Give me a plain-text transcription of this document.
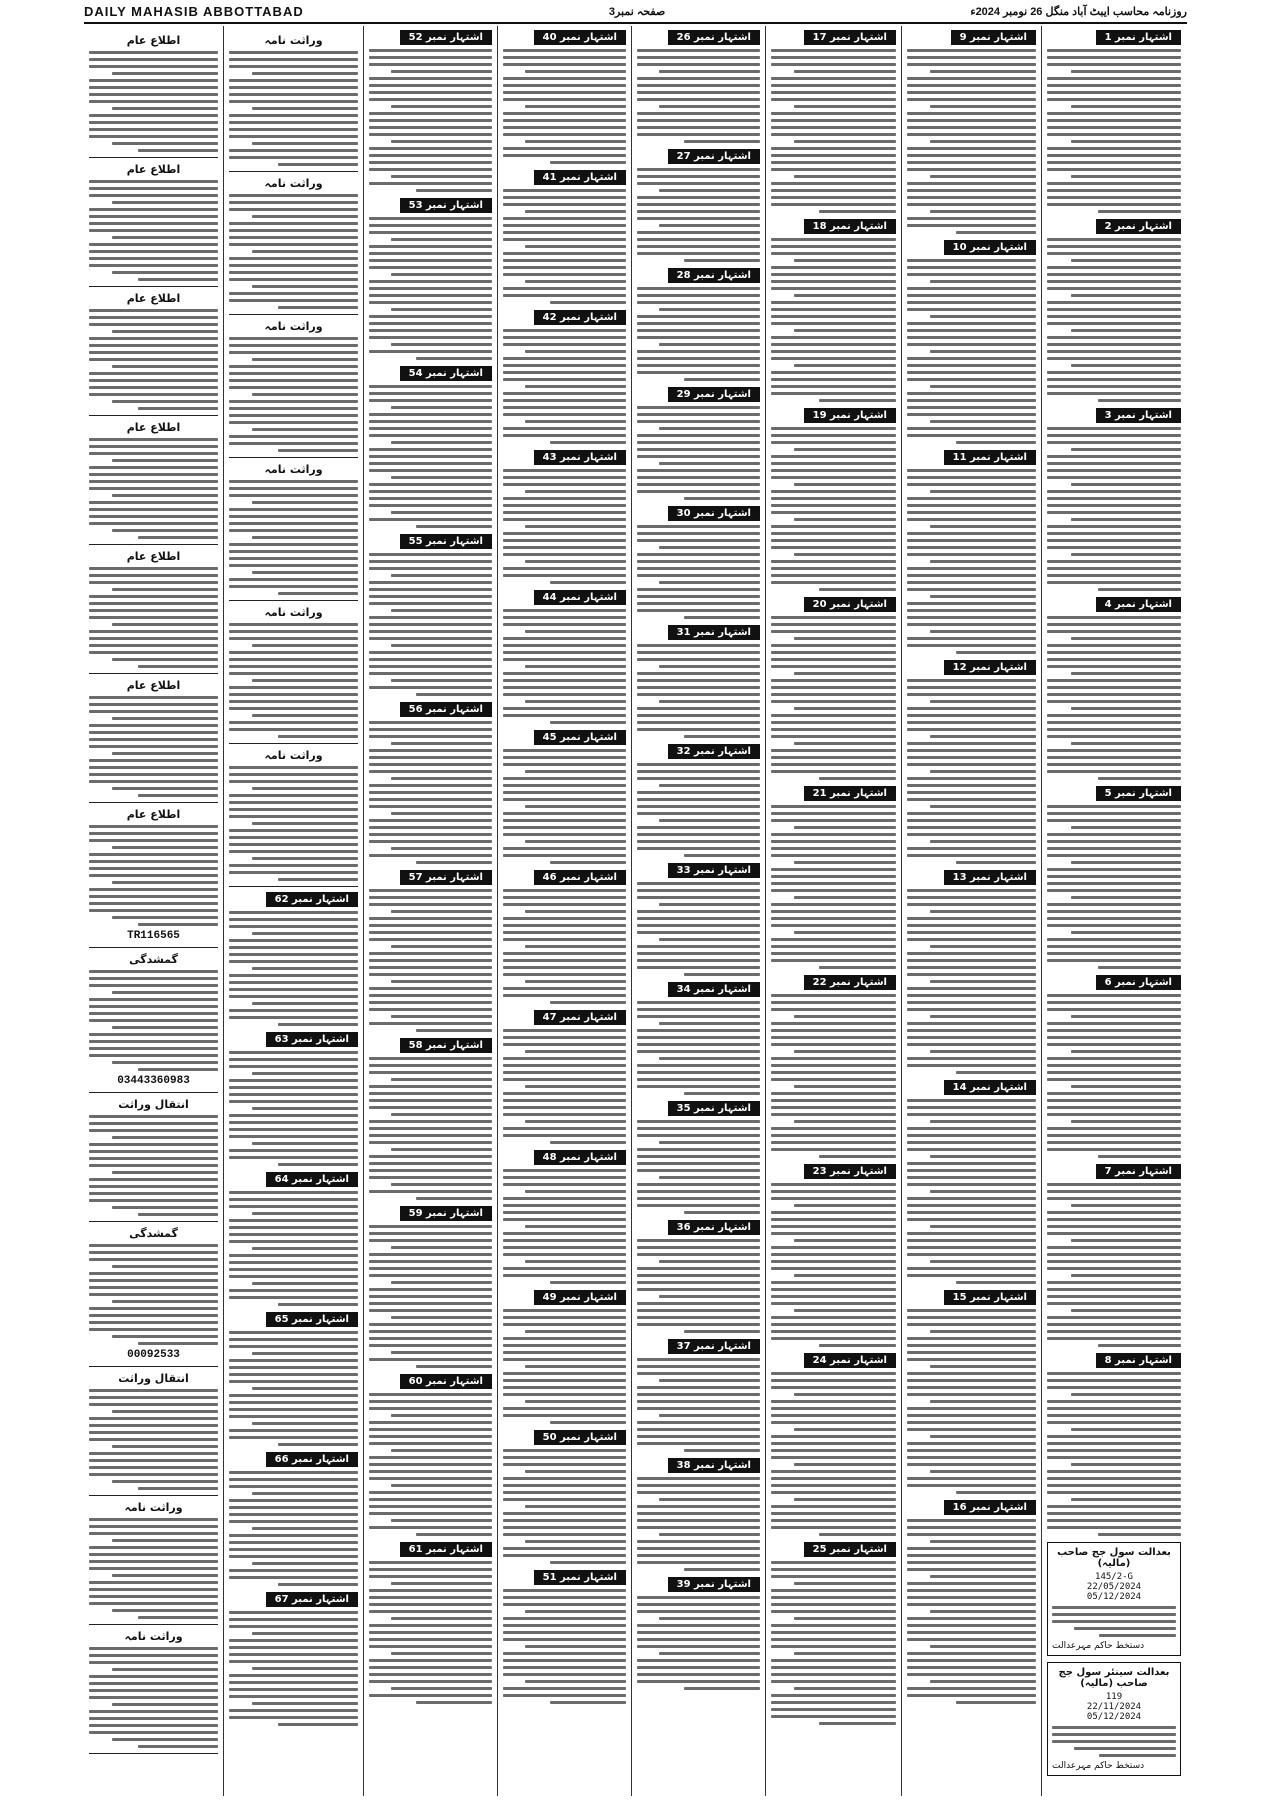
DAILY MAHASIB ABBOTTABAD	صفحہ نمبر3	روزنامہ محاسب ایبٹ آباد منگل 26 نومبر 2024ء
اشتہار نمبر 1
اشتہار نمبر 2
اشتہار نمبر 3
اشتہار نمبر 4
اشتہار نمبر 5
اشتہار نمبر 6
اشتہار نمبر 7
اشتہار نمبر 8
بعدالت سول جج صاحب (مالیہ)
145/2-G
22/05/2024
05/12/2024
دستخط حاکم مہرعدالت
بعدالت سینئر سول جج صاحب (مالیہ)
119
22/11/2024
05/12/2024
دستخط حاکم مہرعدالت
اشتہار نمبر 9
اشتہار نمبر 10
اشتہار نمبر 11
اشتہار نمبر 12
اشتہار نمبر 13
اشتہار نمبر 14
اشتہار نمبر 15
اشتہار نمبر 16
اشتہار نمبر 17
اشتہار نمبر 18
اشتہار نمبر 19
اشتہار نمبر 20
اشتہار نمبر 21
اشتہار نمبر 22
اشتہار نمبر 23
اشتہار نمبر 24
اشتہار نمبر 25
اشتہار نمبر 26
اشتہار نمبر 27
اشتہار نمبر 28
اشتہار نمبر 29
اشتہار نمبر 30
اشتہار نمبر 31
اشتہار نمبر 32
اشتہار نمبر 33
اشتہار نمبر 34
اشتہار نمبر 35
اشتہار نمبر 36
اشتہار نمبر 37
اشتہار نمبر 38
اشتہار نمبر 39
اشتہار نمبر 40
اشتہار نمبر 41
اشتہار نمبر 42
اشتہار نمبر 43
اشتہار نمبر 44
اشتہار نمبر 45
اشتہار نمبر 46
اشتہار نمبر 47
اشتہار نمبر 48
اشتہار نمبر 49
اشتہار نمبر 50
اشتہار نمبر 51
اشتہار نمبر 52
اشتہار نمبر 53
اشتہار نمبر 54
اشتہار نمبر 55
اشتہار نمبر 56
اشتہار نمبر 57
اشتہار نمبر 58
اشتہار نمبر 59
اشتہار نمبر 60
اشتہار نمبر 61
وراثت نامہ
وراثت نامہ
وراثت نامہ
وراثت نامہ
وراثت نامہ
وراثت نامہ
اشتہار نمبر 62
اشتہار نمبر 63
اشتہار نمبر 64
اشتہار نمبر 65
اشتہار نمبر 66
اشتہار نمبر 67
اطلاع عام
اطلاع عام
اطلاع عام
اطلاع عام
اطلاع عام
اطلاع عام
اطلاع عام
TR116565
گمشدگی
03443360983
انتقال وراثت
گمشدگی
00092533
انتقال وراثت
وراثت نامہ
وراثت نامہ
